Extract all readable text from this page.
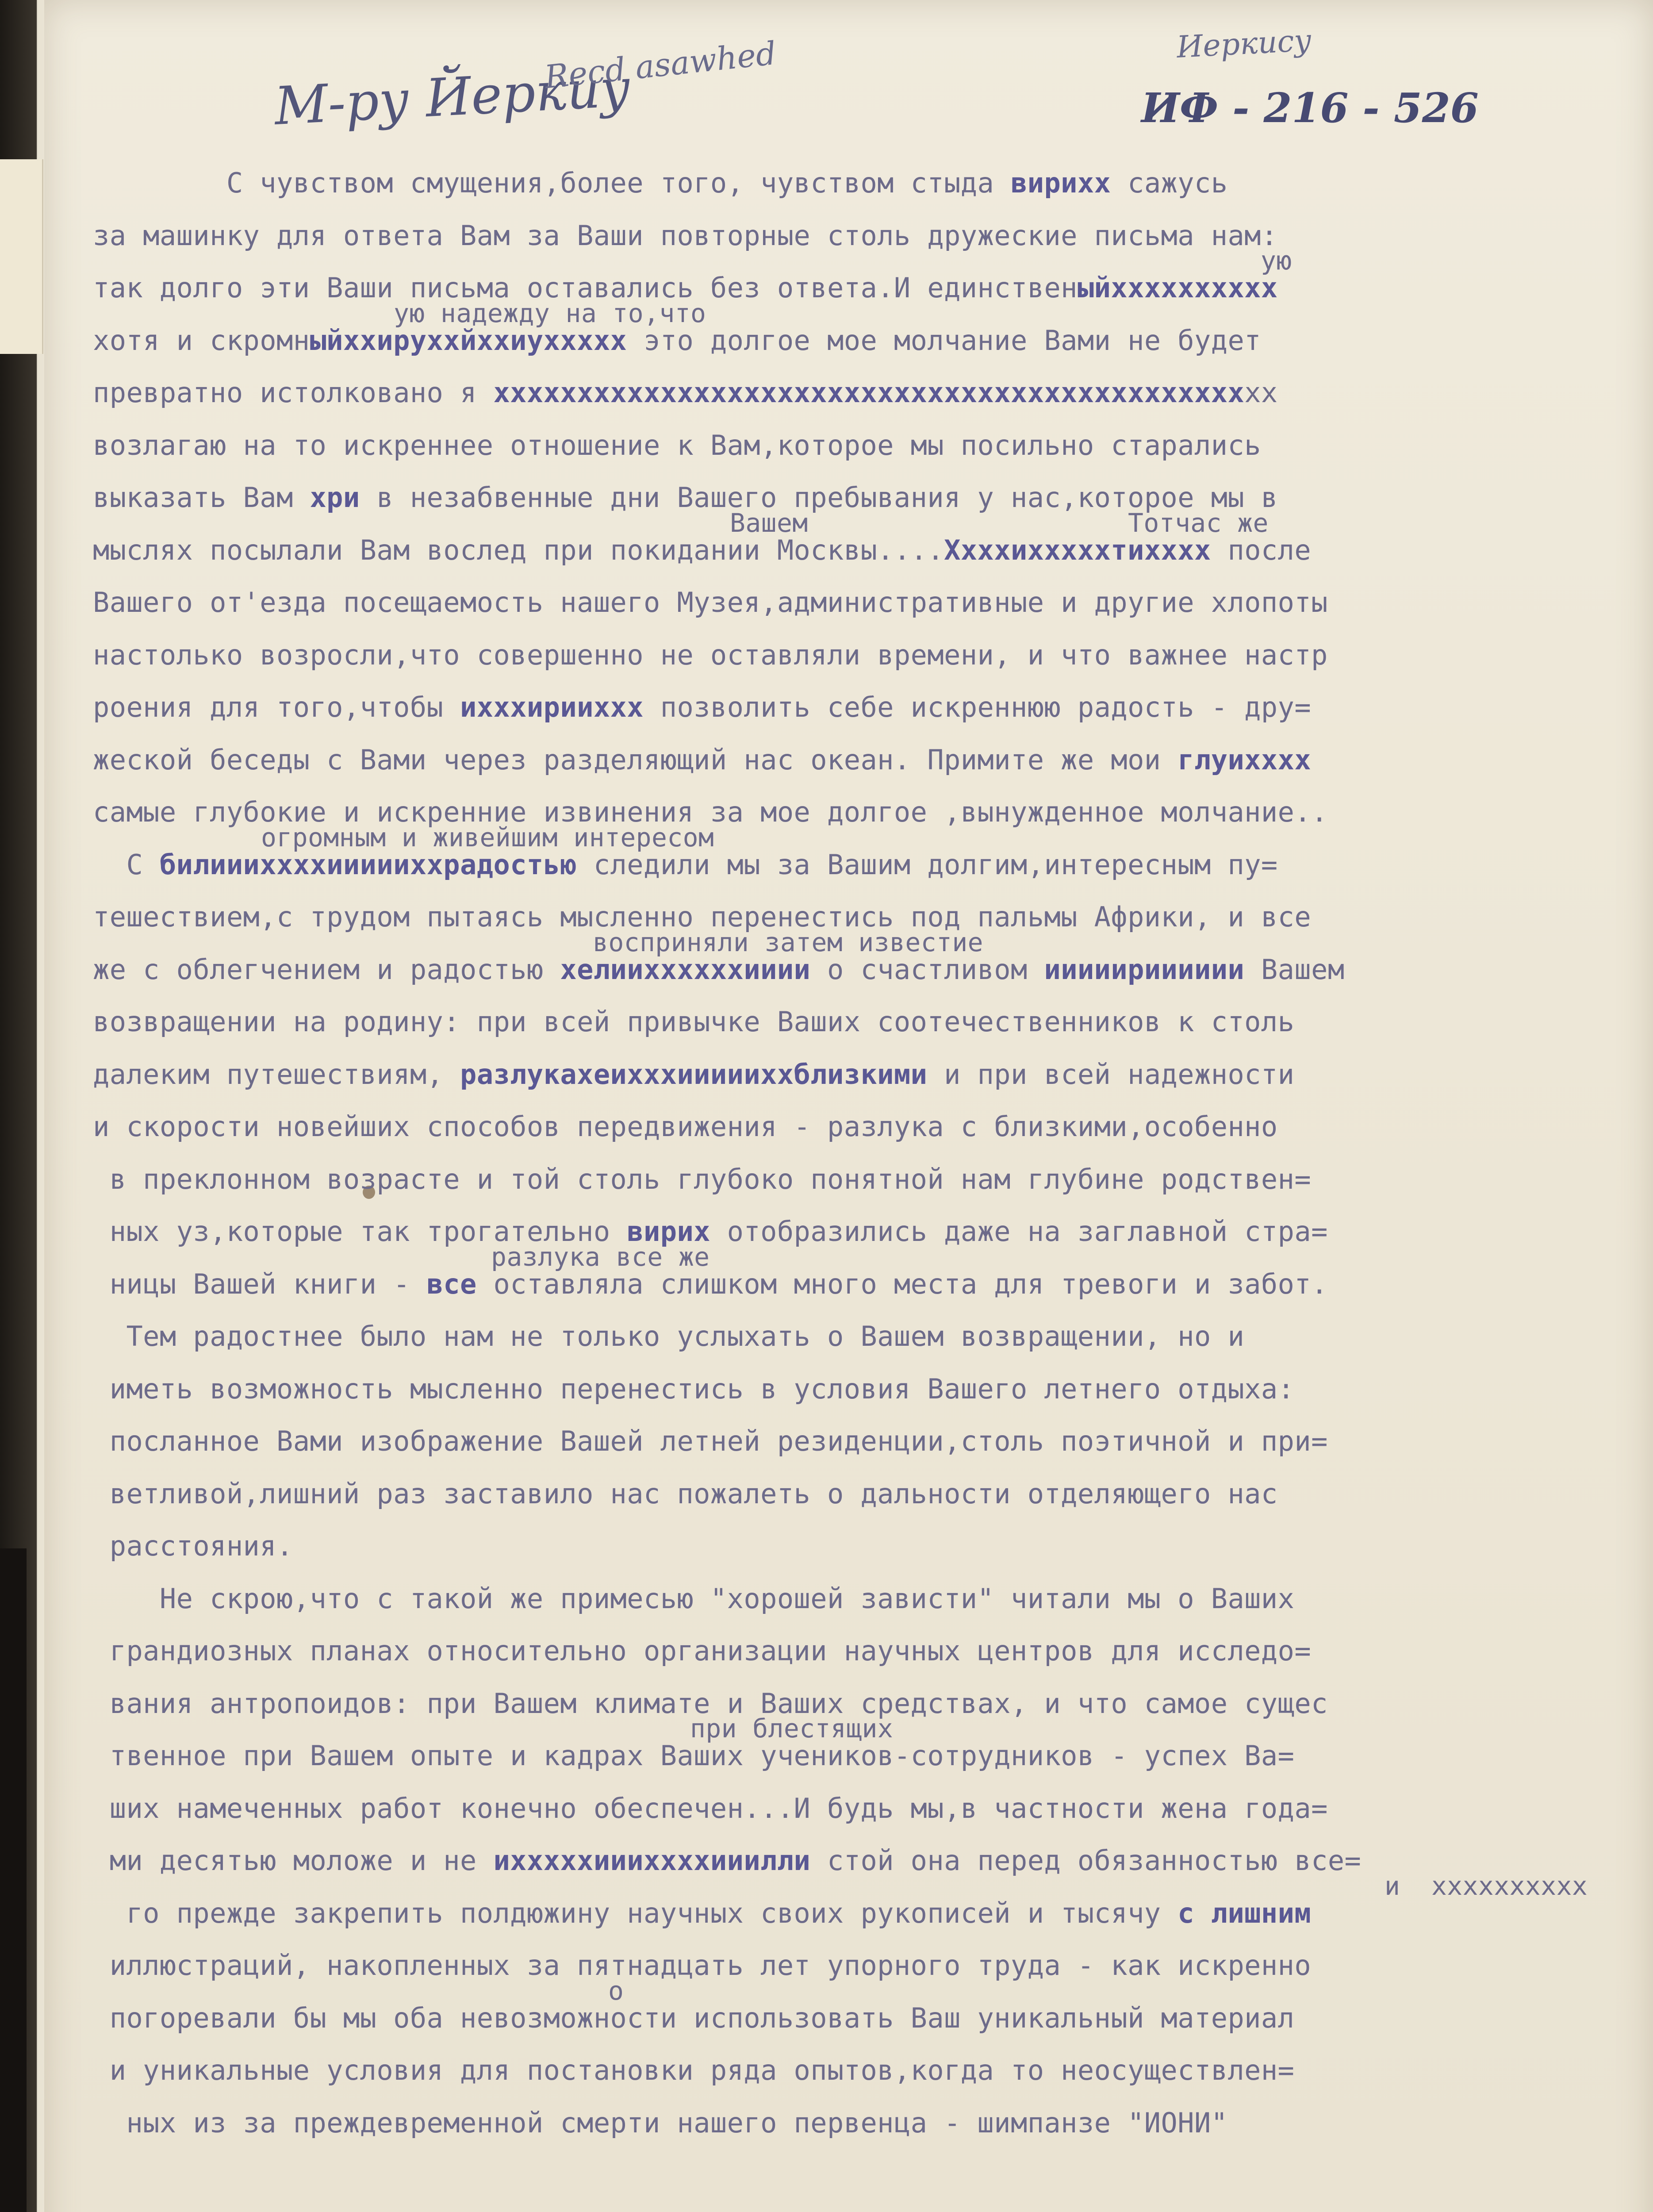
М-ру Йеркиу
Recd asawhed	Иеркису
ИФ - 216 - 526
С чувством смущения,более того, чувством стыда вирихх сажусь
за машинку для ответа Вам за Ваши повторные столь дружеские письма нам:
так долго эти Ваши письма оставались без ответа.И единственыйхххххххххх
ую
хотя и скромныйххируххйххиуххххх это долгое мое молчание Вами не будет
ую надежду на то,что
превратно истолковано я ххххххххххххххххххххххххххххххххххххххххххххххх
возлагаю на то искреннее отношение к Вам,которое мы посильно старались
выказать Вам хри в незабвенные дни Вашего пребывания у нас,которое мы в
мыслях посылали Вам вослед при покидании Москвы....Ххххихххххтихххх после
Вашем	Тотчас же
Вашего от'езда посещаемость нашего Музея,административные и другие хлопоты
настолько возросли,что совершенно не оставляли времени, и что важнее настр
роения для того,чтобы ихххирииххх позволить себе искреннюю радость - дру=
жеской беседы с Вами через разделяющий нас океан. Примите же мои глуихххх
самые глубокие и искренние извинения за мое долгое ,вынужденное молчание..
С билиииххххиииииххрадостью следили мы за Вашим долгим,интересным пу=
огромным и живейшим интересом
тешествием,с трудом пытаясь мысленно перенестись под пальмы Африки, и все
же с облегчением и радостью хелииххххххииии о счастливом ииииирииииии Вашем
восприняли затем извеcтие
возвращении на родину: при всей привычке Ваших соотечественников к столь
далеким путешествиям, разлукахеихххиииииххблизкими и при всей надежности
и скорости новейших способов передвижения - разлука с близкими,особенно
в преклонном возрасте и той столь глубоко понятной нам глубине родствен=
ных уз,которые так трогательно вирих отобразились даже на заглавной стра=
ницы Вашей книги - все оставляла слишком много места для тревоги и забот.
разлука все же
Тем радостнее было нам не только услыхать о Вашем возвращении, но и
иметь возможность мысленно перенестись в условия Вашего летнего отдыха:
посланное Вами изображение Вашей летней резиденции,столь поэтичной и при=
ветливой,лишний раз заставило нас пожалеть о дальности отделяющего нас
расстояния.
Не скрою,что с такой же примесью "хорошей зависти" читали мы о Ваших
грандиозных планах относительно организации научных центров для исследо=
вания антропоидов: при Вашем климате и Ваших средствах, и что самое сущес
твенное при Вашем опыте и кадрах Ваших учеников-сотрудников - успех Ва=
при блестящих
ших намеченных работ конечно обеспечен...И будь мы,в частности жена года=
ми десятью моложе и не ихххххиииххххииилли стой она перед обязанностью все=
го прежде закрепить полдюжину научных своих рукописей и тысячу с лишним
и  хххххххххх
иллюстраций, накопленных за пятнадцать лет упорного труда - как искренно
погоревали бы мы оба невозможности использовать Ваш уникальный материал
о
и уникальные условия для постановки ряда опытов,когда то неосуществлен=
ных из за преждевременной смерти нашего первенца - шимпанзе "ИОНИ"
